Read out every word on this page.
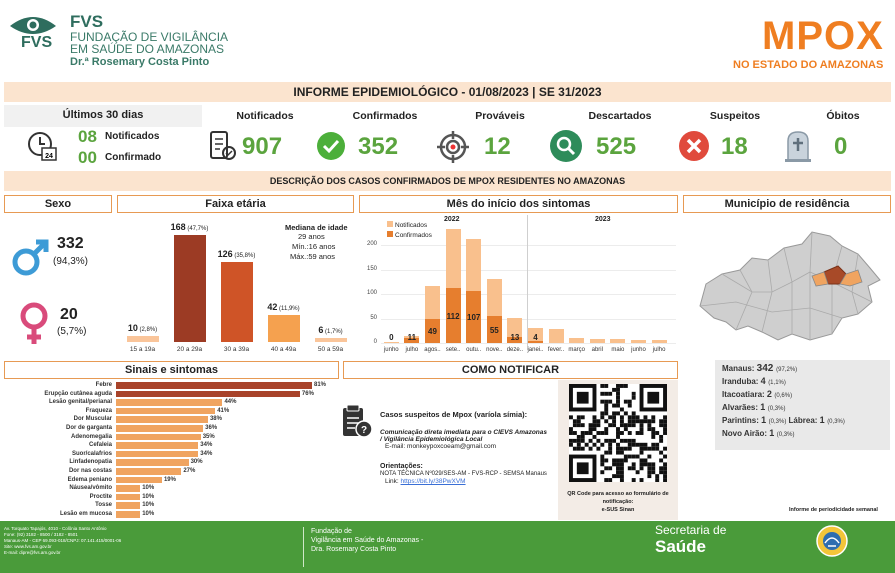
FVS
FVS
FUNDAÇÃO DE VIGILÂNCIA
EM SAÚDE DO AMAZONAS
Dr.ª Rosemary Costa Pinto
MPOX
NO ESTADO DO AMAZONAS
INFORME EPIDEMIOLÓGICO - 01/08/2023 | SE 31/2023
Últimos 30 dias
24
08 Notificados
00 Confirmado
Notificados	Confirmados	Prováveis	Descartados	Suspeitos	Óbitos
907	352	12	525	18	0
DESCRIÇÃO DOS CASOS CONFIRMADOS DE MPOX RESIDENTES NO AMAZONAS
Sexo
332
(94,3%)
20
(5,7%)
Faixa etária
Mediana de idade
29 anos
Mín.:16 anos
Máx.:59 anos
10 (2,8%)
15 a 19a
168 (47,7%)
20 a 29a
126 (35,8%)
30 a 39a
42 (11,9%)
40 a 49a
6 (1,7%)
50 a 59a
Mês do início dos sintomas
0
50
100
150
200
2022	2023
Notificados
Confirmados
0
junho
11
julho
49
agos..
112
sete..
107
outu..
55
nove..
13
deze..
4
janei.. fever.. março	abril	maio	junho	julho
Município de residência
Manaus: 342 (97,2%)
Iranduba: 4 (1,1%)
Itacoatiara: 2 (0,6%)
Alvarães: 1 (0,3%)
Parintins: 1 (0,3%) Lábrea: 1 (0,3%)
Novo Airão: 1 (0,3%)
Sinais e sintomas
Febre	81%
Erupção cutânea aguda	76%
Lesão genital/perianal	44%
Fraqueza	41%
Dor Muscular	38%
Dor de garganta	36%
Adenomegalia	35%
Cefaleia	34%
Suor/calafrios	34%
Linfadenopatia	30%
Dor nas costas	27%
Edema peniano	19%
Náusea/vômito	10%
Proctite	10%
Tosse	10%
Lesão em mucosa	10%
COMO NOTIFICAR
?
Casos suspeitos de Mpox (varíola símia):
Comunicação direta imediata para o CIEVS Amazonas
/ Vigilância Epidemiológica Local
E-mail: monkeypoxcoeam@gmail.com
Orientações:
NOTA TÉCNICA Nº029/SES-AM - FVS-RCP - SEMSA Manaus
Link: https://bit.ly/38PwXVM
QR Code para acesso ao formulário de
notificação:
e-SUS Sinan	Informe de periodicidade semanal
Av. Torquato Tapajós, 4010 - Colônia Santo Antônio
Fone: (92) 3182 - 8500 / 3182 - 8501
Manaus-AM - CEP 69.093-018/CNPJ: 07.141.415/0001-06
Site: www.fvs.am.gov.br
E-mail: dipre@fvs.am.gov.br
Fundação de
Vigilância em Saúde do Amazonas -
Dra. Rosemary Costa Pinto
Secretaria de
Saúde
